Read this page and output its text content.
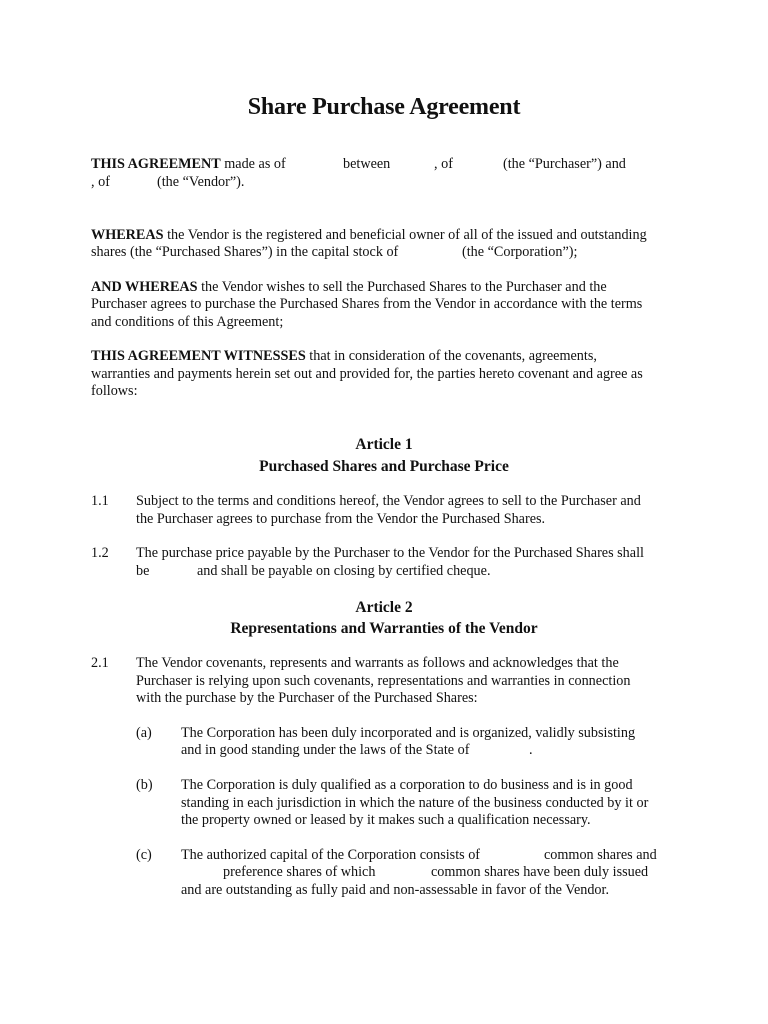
Share Purchase Agreement
THIS AGREEMENT made as of	between	, of	(the “Purchaser”) and
, of	(the “Vendor”).
WHEREAS the Vendor is the registered and beneficial owner of all of the issued and outstanding
shares (the “Purchased Shares”) in the capital stock of	(the “Corporation”);
AND WHEREAS the Vendor wishes to sell the Purchased Shares to the Purchaser and the
Purchaser agrees to purchase the Purchased Shares from the Vendor in accordance with the terms
and conditions of this Agreement;
THIS AGREEMENT WITNESSES that in consideration of the covenants, agreements,
warranties and payments herein set out and provided for, the parties hereto covenant and agree as
follows:
Article 1
Purchased Shares and Purchase Price
1.1 Subject to the terms and conditions hereof, the Vendor agrees to sell to the Purchaser and
the Purchaser agrees to purchase from the Vendor the Purchased Shares.
1.2 The purchase price payable by the Purchaser to the Vendor for the Purchased Shares shall
be	and shall be payable on closing by certified cheque.
Article 2
Representations and Warranties of the Vendor
2.1 The Vendor covenants, represents and warrants as follows and acknowledges that the
Purchaser is relying upon such covenants, representations and warranties in connection
with the purchase by the Purchaser of the Purchased Shares:
(a) The Corporation has been duly incorporated and is organized, validly subsisting
and in good standing under the laws of the State of	.
(b) The Corporation is duly qualified as a corporation to do business and is in good
standing in each jurisdiction in which the nature of the business conducted by it or
the property owned or leased by it makes such a qualification necessary.
(c) The authorized capital of the Corporation consists of	common shares and
preference shares of which	common shares have been duly issued
and are outstanding as fully paid and non-assessable in favor of the Vendor.
